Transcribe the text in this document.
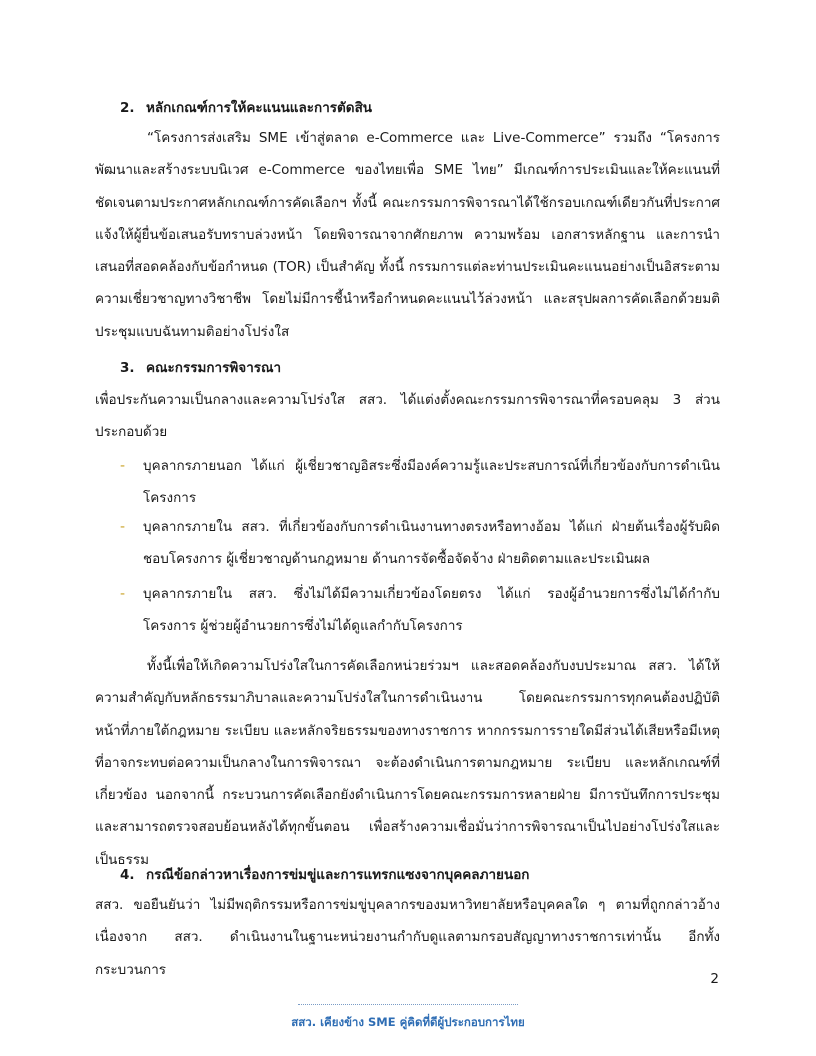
2. หลักเกณฑ์การให้คะแนนและการตัดสิน

“โครงการส่งเสริม SME เข้าสู่ตลาด e-Commerce และ Live-Commerce” รวมถึง “โครงการพัฒนาและสร้างระบบนิเวศ e-Commerce ของไทยเพื่อ SME ไทย” มีเกณฑ์การประเมินและให้คะแนนที่ชัดเจนตามประกาศหลักเกณฑ์การคัดเลือกฯ ทั้งนี้ คณะกรรมการพิจารณาได้ใช้กรอบเกณฑ์เดียวกันที่ประกาศแจ้งให้ผู้ยื่นข้อเสนอรับทราบล่วงหน้า โดยพิจารณาจากศักยภาพ ความพร้อม เอกสารหลักฐาน และการนำเสนอที่สอดคล้องกับข้อกำหนด (TOR) เป็นสำคัญ ทั้งนี้ กรรมการแต่ละท่านประเมินคะแนนอย่างเป็นอิสระตามความเชี่ยวชาญทางวิชาชีพ โดยไม่มีการชี้นำหรือกำหนดคะแนนไว้ล่วงหน้า และสรุปผลการคัดเลือกด้วยมติประชุมแบบฉันทามติอย่างโปร่งใส

3. คณะกรรมการพิจารณา

เพื่อประกันความเป็นกลางและความโปร่งใส สสว. ได้แต่งตั้งคณะกรรมการพิจารณาที่ครอบคลุม 3 ส่วน ประกอบด้วย

- บุคลากรภายนอก ได้แก่ ผู้เชี่ยวชาญอิสระซึ่งมีองค์ความรู้และประสบการณ์ที่เกี่ยวข้องกับการดำเนินโครงการ
- บุคลากรภายใน สสว. ที่เกี่ยวข้องกับการดำเนินงานทางตรงหรือทางอ้อม ได้แก่ ฝ่ายต้นเรื่องผู้รับผิดชอบโครงการ ผู้เชี่ยวชาญด้านกฎหมาย ด้านการจัดซื้อจัดจ้าง ฝ่ายติดตามและประเมินผล
- บุคลากรภายใน สสว. ซึ่งไม่ได้มีความเกี่ยวข้องโดยตรง ได้แก่ รองผู้อำนวยการซึ่งไม่ได้กำกับโครงการ ผู้ช่วยผู้อำนวยการซึ่งไม่ได้ดูแลกำกับโครงการ

ทั้งนี้เพื่อให้เกิดความโปร่งใสในการคัดเลือกหน่วยร่วมฯ และสอดคล้องกับงบประมาณ สสว. ได้ให้ความสำคัญกับหลักธรรมาภิบาลและความโปร่งใสในการดำเนินงาน โดยคณะกรรมการทุกคนต้องปฏิบัติหน้าที่ภายใต้กฎหมาย ระเบียบ และหลักจริยธรรมของทางราชการ หากกรรมการรายใดมีส่วนได้เสียหรือมีเหตุที่อาจกระทบต่อความเป็นกลางในการพิจารณา จะต้องดำเนินการตามกฎหมาย ระเบียบ และหลักเกณฑ์ที่เกี่ยวข้อง นอกจากนี้ กระบวนการคัดเลือกยังดำเนินการโดยคณะกรรมการหลายฝ่าย มีการบันทึกการประชุม และสามารถตรวจสอบย้อนหลังได้ทุกขั้นตอน เพื่อสร้างความเชื่อมั่นว่าการพิจารณาเป็นไปอย่างโปร่งใสและเป็นธรรม

4. กรณีข้อกล่าวหาเรื่องการข่มขู่และการแทรกแซงจากบุคคลภายนอก

สสว. ขอยืนยันว่า ไม่มีพฤติกรรมหรือการข่มขู่บุคลากรของมหาวิทยาลัยหรือบุคคลใด ๆ ตามที่ถูกกล่าวอ้าง เนื่องจาก สสว. ดำเนินงานในฐานะหน่วยงานกำกับดูแลตามกรอบสัญญาทางราชการเท่านั้น อีกทั้งกระบวนการ

2
สสว. เคียงข้าง SME คู่คิดที่ดีผู้ประกอบการไทย
